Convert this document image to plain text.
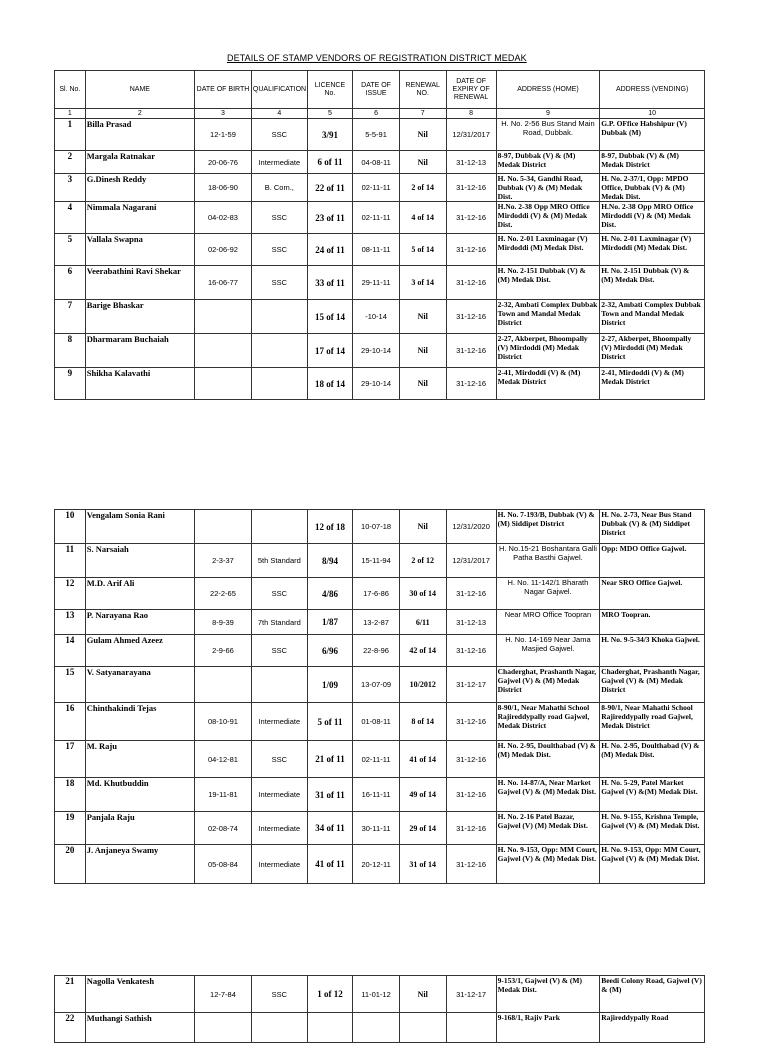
DETAILS OF STAMP VENDORS OF REGISTRATION DISTRICT MEDAK
Sl. No.	NAME	DATE OF BIRTH	QUALIFICATION	LICENCE No.	DATE OF ISSUE	RENEWAL NO.	DATE OF EXPIRY OF RENEWAL	ADDRESS (HOME)	ADDRESS (VENDING)
1	2	3	4	5	6	7	8	9	10
1	Billa Prasad	12-1-59	SSC	3/91	5-5-91	Nil	12/31/2017	H. No. 2-56 Bus Stand Main Road, Dubbak.	G.P. OFfice Habshipur (V) Dubbak (M)
2	Margala Ratnakar	20-06-76	Intermediate	6 of 11	04-08-11	Nil	31-12-13	8-97, Dubbak (V) & (M) Medak District	8-97, Dubbak (V) & (M) Medak District
3	G.Dinesh Reddy	18-06-90	B. Com.,	22 of 11	02-11-11	2 of 14	31-12-16	H. No. 5-34, Gandhi Road, Dubbak (V) & (M) Medak Dist.	H. No. 2-37/1, Opp: MPDO Office, Dubbak (V) & (M) Medak Dist.
4	Nimmala Nagarani	04-02-83	SSC	23 of 11	02-11-11	4 of 14	31-12-16	H.No. 2-38 Opp MRO Office Mirdoddi (V) & (M) Medak Dist.	H.No. 2-38 Opp MRO Office Mirdoddi (V) & (M) Medak Dist.
5	Vallala Swapna	02-06-92	SSC	24 of 11	08-11-11	5 of 14	31-12-16	H. No. 2-01 Laxminagar (V) Mirdoddi (M) Medak Dist.	H. No. 2-01 Laxminagar (V) Mirdoddi (M) Medak Dist.
6	Veerabathini Ravi Shekar	16-06-77	SSC	33 of 11	29-11-11	3 of 14	31-12-16	H. No. 2-151 Dubbak (V) & (M) Medak Dist.	H. No. 2-151 Dubbak (V) & (M) Medak Dist.
7	Barige Bhaskar			15 of 14	-10-14	Nil	31-12-16	2-32, Ambati Complex Dubbak Town and Mandal Medak District	2-32, Ambati Complex Dubbak Town and Mandal Medak District
8	Dharmaram Buchaiah			17 of 14	29-10-14	Nil	31-12-16	2-27, Akberpet, Bhoompally (V) Mirdoddi (M) Medak District	2-27, Akberpet, Bhoompally (V) Mirdoddi (M) Medak District
9	Shikha Kalavathi			18 of 14	29-10-14	Nil	31-12-16	2-41, Mirdoddi (V) & (M) Medak District	2-41, Mirdoddi (V) & (M) Medak District
10	Vengalam Sonia Rani			12 of 18	10-07-18	Nil	12/31/2020	H. No. 7-193/B, Dubbak (V) & (M) Siddipet District	H. No. 2-73, Near Bus Stand Dubbak (V) & (M) Siddipet District
11	S. Narsaiah	2-3-37	5th Standard	8/94	15-11-94	2 of 12	12/31/2017	H. No.15-21 Boshantara Galli Patha Basthi Gajwel.	Opp: MDO Office Gajwel.
12	M.D. Arif Ali	22-2-65	SSC	4/86	17-6-86	30 of 14	31-12-16	H. No. 11-142/1 Bharath Nagar Gajwel.	Near SRO Office Gajwel.
13	P. Narayana Rao	8-9-39	7th Standard	1/87	13-2-87	6/11	31-12-13	Near MRO Office Toopran	MRO Toopran.
14	Gulam Ahmed Azeez	2-9-66	SSC	6/96	22-8-96	42 of 14	31-12-16	H. No. 14-169 Near Jama Masjied Gajwel.	H. No. 9-5-34/3 Khoka Gajwel.
15	V. Satyanarayana			1/09	13-07-09	10/2012	31-12-17	Chaderghat, Prashanth Nagar, Gajwel (V) & (M) Medak District	Chaderghat, Prashanth Nagar, Gajwel (V) & (M) Medak District
16	Chinthakindi Tejas	08-10-91	Intermediate	5 of 11	01-08-11	8 of 14	31-12-16	8-90/1, Near Mahathi School Rajireddypally road Gajwel, Medak District	8-90/1, Near Mahathi School Rajireddypally road Gajwel, Medak District
17	M. Raju	04-12-81	SSC	21 of 11	02-11-11	41 of 14	31-12-16	H. No. 2-95, Doulthabad (V) & (M) Medak Dist.	H. No. 2-95, Doulthabad (V) & (M) Medak Dist.
18	Md. Khutbuddin	19-11-81	Intermediate	31 of 11	16-11-11	49 of 14	31-12-16	H. No. 14-87/A, Near Market Gajwel (V) & (M) Medak Dist.	H. No. 5-29, Patel Market Gajwel (V) &(M) Medak Dist.
19	Panjala Raju	02-08-74	Intermediate	34 of 11	30-11-11	29 of 14	31-12-16	H. No. 2-16 Patel Bazar, Gajwel (V) (M) Medak Dist.	H. No. 9-155, Krishna Temple, Gajwel (V) & (M) Medak Dist.
20	J. Anjaneya Swamy	05-08-84	Intermediate	41 of 11	20-12-11	31 of 14	31-12-16	H. No. 9-153, Opp: MM Court, Gajwel (V) & (M) Medak Dist.	H. No. 9-153, Opp: MM Court, Gajwel (V) & (M) Medak Dist.
21	Nagolla Venkatesh	12-7-84	SSC	1 of 12	11-01-12	Nil	31-12-17	9-153/1, Gajwel (V) & (M) Medak Dist.	Beedi Colony Road, Gajwel (V) & (M)
22	Muthangi Sathish							9-168/1, Rajiv Park	Rajireddypally Road
